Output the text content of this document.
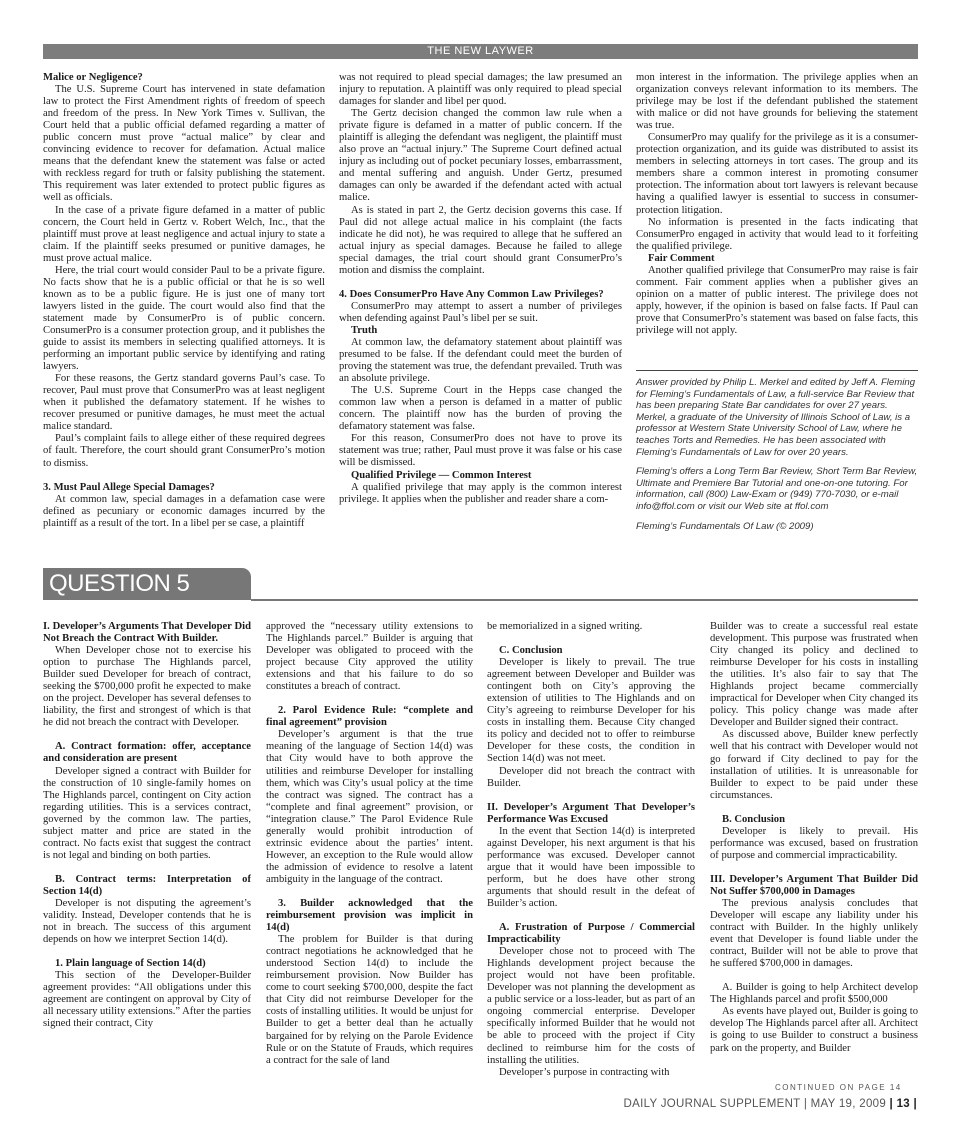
THE NEW LAYWER
Malice or Negligence?

The U.S. Supreme Court has intervened in state defamation law to protect the First Amendment rights of freedom of speech and freedom of the press. In New York Times v. Sullivan, the Court held that a public official defamed regarding a matter of public concern must prove “actual malice” by clear and convincing evidence to recover for defamation. Actual malice means that the defendant knew the statement was false or acted with reckless regard for truth or falsity publishing the statement. This requirement was later extended to protect public figures as well as officials.

In the case of a private figure defamed in a matter of public concern, the Court held in Gertz v. Robert Welch, Inc., that the plaintiff must prove at least negligence and actual injury to state a claim. If the plaintiff seeks presumed or punitive damages, he must prove actual malice.

Here, the trial court would consider Paul to be a private figure. No facts show that he is a public official or that he is so well known as to be a public figure. He is just one of many tort lawyers listed in the guide. The court would also find that the statement made by ConsumerPro is of public concern. ConsumerPro is a consumer protection group, and it publishes the guide to assist its members in selecting qualified attorneys. It is performing an important public service by identifying and rating lawyers.

For these reasons, the Gertz standard governs Paul’s case. To recover, Paul must prove that ConsumerPro was at least negligent when it published the defamatory statement. If he wishes to recover presumed or punitive damages, he must meet the actual malice standard.

Paul’s complaint fails to allege either of these required degrees of fault. Therefore, the court should grant ConsumerPro’s motion to dismiss.

3. Must Paul Allege Special Damages?

At common law, special damages in a defamation case were defined as pecuniary or economic damages incurred by the plaintiff as a result of the tort. In a libel per se case, a plaintiff

was not required to plead special damages; the law presumed an injury to reputation. A plaintiff was only required to plead special damages for slander and libel per quod.

The Gertz decision changed the common law rule when a private figure is defamed in a matter of public concern. If the plaintiff is alleging the defendant was negligent, the plaintiff must also prove an “actual injury.” The Supreme Court defined actual injury as including out of pocket pecuniary losses, embarrassment, and mental suffering and anguish. Under Gertz, presumed damages can only be awarded if the defendant acted with actual malice.

As is stated in part 2, the Gertz decision governs this case. If Paul did not allege actual malice in his complaint (the facts indicate he did not), he was required to allege that he suffered an actual injury as special damages. Because he failed to allege special damages, the trial court should grant ConsumerPro’s motion and dismiss the complaint.

4. Does ConsumerPro Have Any Common Law Privileges?

ConsumerPro may attempt to assert a number of privileges when defending against Paul’s libel per se suit.

Truth

At common law, the defamatory statement about plaintiff was presumed to be false. If the defendant could meet the burden of proving the statement was true, the defendant prevailed. Truth was an absolute privilege.

The U.S. Supreme Court in the Hepps case changed the common law when a person is defamed in a matter of public concern. The plaintiff now has the burden of proving the defamatory statement was false.

For this reason, ConsumerPro does not have to prove its statement was true; rather, Paul must prove it was false or his case will be dismissed.

Qualified Privilege — Common Interest

A qualified privilege that may apply is the common interest privilege. It applies when the publisher and reader share a com-

mon interest in the information. The privilege applies when an organization conveys relevant information to its members. The privilege may be lost if the defendant published the statement with malice or did not have grounds for believing the statement was true.

ConsumerPro may qualify for the privilege as it is a consumer-protection organization, and its guide was distributed to assist its members in selecting attorneys in tort cases. The group and its members share a common interest in promoting consumer protection. The information about tort lawyers is relevant because having a qualified lawyer is essential to success in consumer-protection litigation.

No information is presented in the facts indicating that ConsumerPro engaged in activity that would lead to it forfeiting the qualified privilege.

Fair Comment

Another qualified privilege that ConsumerPro may raise is fair comment. Fair comment applies when a publisher gives an opinion on a matter of public interest. The privilege does not apply, however, if the opinion is based on false facts. If Paul can prove that ConsumerPro’s statement was based on false facts, this privilege will not apply.

Answer provided by Philip L. Merkel and edited by Jeff A. Fleming for Fleming’s Fundamentals of Law, a full-service Bar Review that has been preparing State Bar candidates for over 27 years. Merkel, a graduate of the University of Illinois School of Law, is a professor at Western State University School of Law, where he teaches Torts and Remedies. He has been associated with Fleming’s Fundamentals of Law for over 20 years.

Fleming’s offers a Long Term Bar Review, Short Term Bar Review, Ultimate and Premiere Bar Tutorial and one-on-one tutoring. For information, call (800) Law-Exam or (949) 770-7030, or e-mail info@ffol.com or visit our Web site at ffol.com

Fleming’s Fundamentals Of Law (© 2009)

QUESTION 5
I. Developer’s Arguments That Developer Did Not Breach the Contract With Builder.

When Developer chose not to exercise his option to purchase The Highlands parcel, Builder sued Developer for breach of contract, seeking the $700,000 profit he expected to make on the project. Developer has several defenses to liability, the first and strongest of which is that he did not breach the contract with Developer.

A. Contract formation: offer, acceptance and consideration are present

Developer signed a contract with Builder for the construction of 10 single-family homes on The Highlands parcel, contingent on City action regarding utilities. This is a services contract, governed by the common law. The parties, subject matter and price are stated in the contract. No facts exist that suggest the contract is not legal and binding on both parties.

B. Contract terms: Interpretation of Section 14(d)

Developer is not disputing the agreement’s validity. Instead, Developer contends that he is not in breach. The success of this argument depends on how we interpret Section 14(d).

1. Plain language of Section 14(d)

This section of the Developer-Builder agreement provides: “All obligations under this agreement are contingent on approval by City of all necessary utility extensions.” After the parties signed their contract, City

approved the “necessary utility extensions to The Highlands parcel.” Builder is arguing that Developer was obligated to proceed with the project because City approved the utility extensions and that his failure to do so constitutes a breach of contract.

2. Parol Evidence Rule: “complete and final agreement” provision

Developer’s argument is that the true meaning of the language of Section 14(d) was that City would have to both approve the utilities and reimburse Developer for installing them, which was City’s usual policy at the time the contract was signed. The contract has a “complete and final agreement” provision, or “integration clause.” The Parol Evidence Rule generally would prohibit introduction of extrinsic evidence about the parties’ intent. However, an exception to the Rule would allow the admission of evidence to resolve a latent ambiguity in the language of the contract.

3. Builder acknowledged that the reimbursement provision was implicit in 14(d)

The problem for Builder is that during contract negotiations he acknowledged that he understood Section 14(d) to include the reimbursement provision. Now Builder has come to court seeking $700,000, despite the fact that City did not reimburse Developer for the costs of installing utilities. It would be unjust for Builder to get a better deal than he actually bargained for by relying on the Parole Evidence Rule or on the Statute of Frauds, which requires a contract for the sale of land

be memorialized in a signed writing.

C. Conclusion

Developer is likely to prevail. The true agreement between Developer and Builder was contingent both on City’s approving the extension of utilities to The Highlands and on City’s agreeing to reimburse Developer for his costs in installing them. Because City changed its policy and decided not to offer to reimburse Developer for these costs, the condition in Section 14(d) was not meet.

Developer did not breach the contract with Builder.

II. Developer’s Argument That Developer’s Performance Was Excused

In the event that Section 14(d) is interpreted against Developer, his next argument is that his performance was excused. Developer cannot argue that it would have been impossible to perform, but he does have other strong arguments that should result in the defeat of Builder’s action.

A. Frustration of Purpose / Commercial Impracticability

Developer chose not to proceed with The Highlands development project because the project would not have been profitable. Developer was not planning the development as a public service or a loss-leader, but as part of an ongoing commercial enterprise. Developer specifically informed Builder that he would not be able to proceed with the project if City declined to reimburse him for the costs of installing the utilities.

Developer’s purpose in contracting with

Builder was to create a successful real estate development. This purpose was frustrated when City changed its policy and declined to reimburse Developer for his costs in installing the utilities. It’s also fair to say that The Highlands project became commercially impractical for Developer when City changed its policy. This policy change was made after Developer and Builder signed their contract.

As discussed above, Builder knew perfectly well that his contract with Developer would not go forward if City declined to pay for the installation of utilities. It is unreasonable for Builder to expect to be paid under these circumstances.

B. Conclusion

Developer is likely to prevail. His performance was excused, based on frustration of purpose and commercial impracticability.

III. Developer’s Argument That Builder Did Not Suffer $700,000 in Damages

The previous analysis concludes that Developer will escape any liability under his contract with Builder. In the highly unlikely event that Developer is found liable under the contract, Builder will not be able to prove that he suffered $700,000 in damages.

A. Builder is going to help Architect develop The Highlands parcel and profit $500,000

As events have played out, Builder is going to develop The Highlands parcel after all. Architect is going to use Builder to construct a business park on the property, and Builder

CONTINUED ON PAGE 14
DAILY JOURNAL SUPPLEMENT | MAY 19, 2009 | 13 |
